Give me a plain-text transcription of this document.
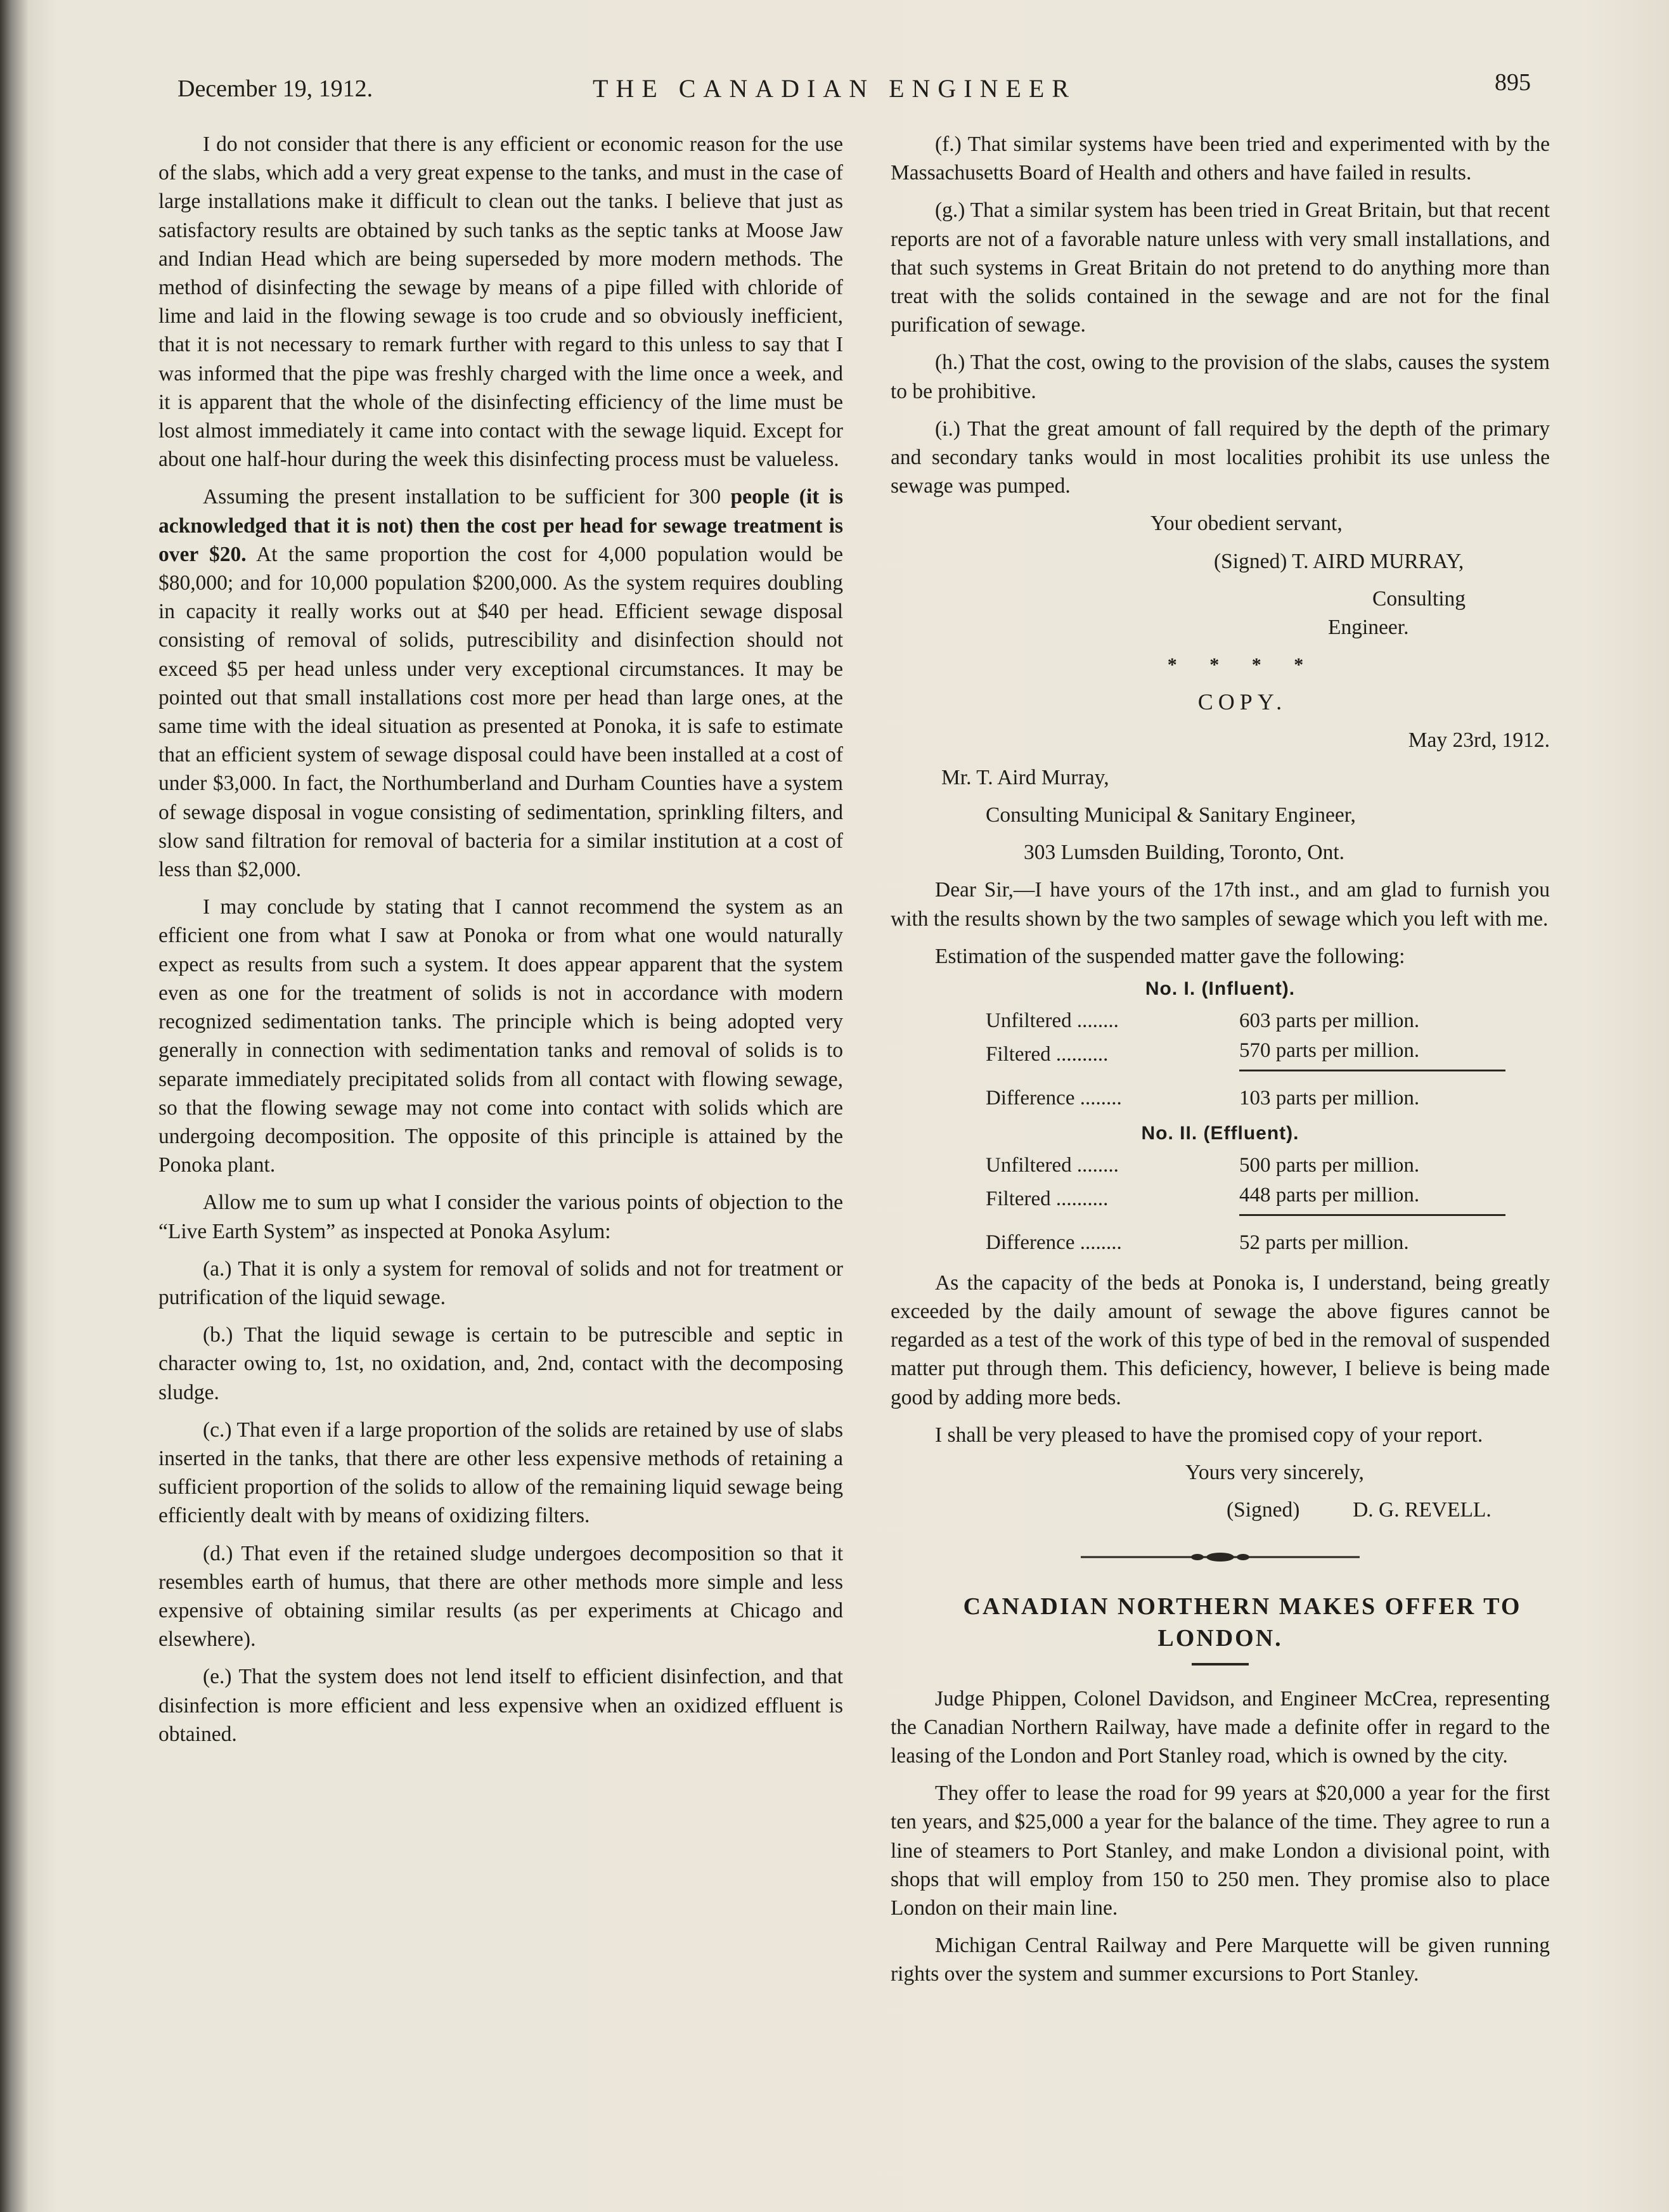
December 19, 1912.	THE CANADIAN ENGINEER	895

I do not consider that there is any efficient or economic reason for the use of the slabs, which add a very great expense to the tanks, and must in the case of large installations make it difficult to clean out the tanks. I believe that just as satisfactory results are obtained by such tanks as the septic tanks at Moose Jaw and Indian Head which are being superseded by more modern methods. The method of disinfecting the sewage by means of a pipe filled with chloride of lime and laid in the flowing sewage is too crude and so obviously inefficient, that it is not necessary to remark further with regard to this unless to say that I was informed that the pipe was freshly charged with the lime once a week, and it is apparent that the whole of the disinfecting efficiency of the lime must be lost almost immediately it came into contact with the sewage liquid. Except for about one half-hour during the week this disinfecting process must be valueless.

Assuming the present installation to be sufficient for 300 people (it is acknowledged that it is not) then the cost per head for sewage treatment is over $20. At the same proportion the cost for 4,000 population would be $80,000; and for 10,000 population $200,000. As the system requires doubling in capacity it really works out at $40 per head. Efficient sewage disposal consisting of removal of solids, putrescibility and disinfection should not exceed $5 per head unless under very exceptional circumstances. It may be pointed out that small installations cost more per head than large ones, at the same time with the ideal situation as presented at Ponoka, it is safe to estimate that an efficient system of sewage disposal could have been installed at a cost of under $3,000. In fact, the Northumberland and Durham Counties have a system of sewage disposal in vogue consisting of sedimentation, sprinkling filters, and slow sand filtration for removal of bacteria for a similar institution at a cost of less than $2,000.

I may conclude by stating that I cannot recommend the system as an efficient one from what I saw at Ponoka or from what one would naturally expect as results from such a system. It does appear apparent that the system even as one for the treatment of solids is not in accordance with modern recognized sedimentation tanks. The principle which is being adopted very generally in connection with sedimentation tanks and removal of solids is to separate immediately precipitated solids from all contact with flowing sewage, so that the flowing sewage may not come into contact with solids which are undergoing decomposition. The opposite of this principle is attained by the Ponoka plant.

Allow me to sum up what I consider the various points of objection to the “Live Earth System” as inspected at Ponoka Asylum:

(a.) That it is only a system for removal of solids and not for treatment or putrification of the liquid sewage.

(b.) That the liquid sewage is certain to be putrescible and septic in character owing to, 1st, no oxidation, and, 2nd, contact with the decomposing sludge.

(c.) That even if a large proportion of the solids are retained by use of slabs inserted in the tanks, that there are other less expensive methods of retaining a sufficient proportion of the solids to allow of the remaining liquid sewage being efficiently dealt with by means of oxidizing filters.

(d.) That even if the retained sludge undergoes decomposition so that it resembles earth of humus, that there are other methods more simple and less expensive of obtaining similar results (as per experiments at Chicago and elsewhere).

(e.) That the system does not lend itself to efficient disinfection, and that disinfection is more efficient and less expensive when an oxidized effluent is obtained.

(f.) That similar systems have been tried and experimented with by the Massachusetts Board of Health and others and have failed in results.

(g.) That a similar system has been tried in Great Britain, but that recent reports are not of a favorable nature unless with very small installations, and that such systems in Great Britain do not pretend to do anything more than treat with the solids contained in the sewage and are not for the final purification of sewage.

(h.) That the cost, owing to the provision of the slabs, causes the system to be prohibitive.

(i.) That the great amount of fall required by the depth of the primary and secondary tanks would in most localities prohibit its use unless the sewage was pumped.

Your obedient servant,

(Signed) T. AIRD MURRAY,

Consulting Engineer.

* * * *

COPY.

May 23rd, 1912.

Mr. T. Aird Murray,

Consulting Municipal & Sanitary Engineer,

303 Lumsden Building, Toronto, Ont.

Dear Sir,—I have yours of the 17th inst., and am glad to furnish you with the results shown by the two samples of sewage which you left with me.

Estimation of the suspended matter gave the following:

No. I. (Influent).
Unfiltered ........	603 parts per million.
Filtered ..........	570 parts per million.
Difference ........	103 parts per million.
No. II. (Effluent).
Unfiltered ........	500 parts per million.
Filtered ..........	448 parts per million.
Difference ........	52 parts per million.

As the capacity of the beds at Ponoka is, I understand, being greatly exceeded by the daily amount of sewage the above figures cannot be regarded as a test of the work of this type of bed in the removal of suspended matter put through them. This deficiency, however, I believe is being made good by adding more beds.

I shall be very pleased to have the promised copy of your report.

Yours very sincerely,

(Signed)          D. G. REVELL.

CANADIAN NORTHERN MAKES OFFER TO LONDON.

Judge Phippen, Colonel Davidson, and Engineer McCrea, representing the Canadian Northern Railway, have made a definite offer in regard to the leasing of the London and Port Stanley road, which is owned by the city.

They offer to lease the road for 99 years at $20,000 a year for the first ten years, and $25,000 a year for the balance of the time. They agree to run a line of steamers to Port Stanley, and make London a divisional point, with shops that will employ from 150 to 250 men. They promise also to place London on their main line.

Michigan Central Railway and Pere Marquette will be given running rights over the system and summer excursions to Port Stanley.
